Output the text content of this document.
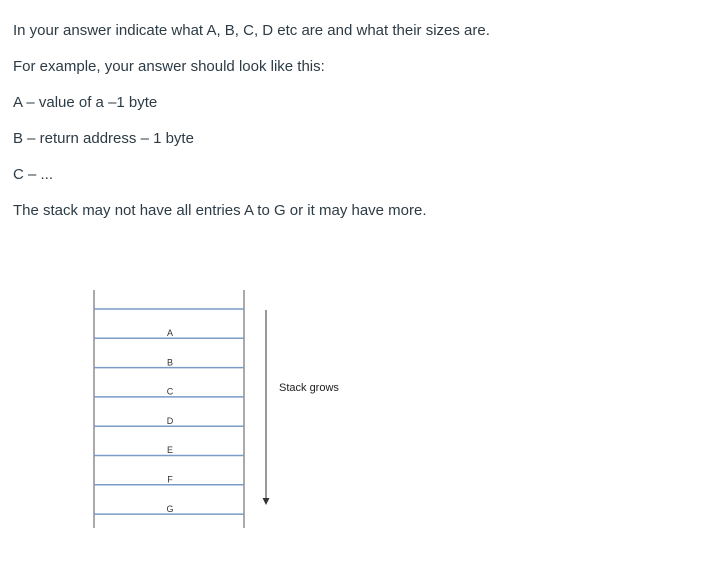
In your answer indicate what A, B, C, D etc are and what their sizes are.

For example, your answer should look like this:

A – value of a –1 byte

B – return address – 1 byte

C – ...

The stack may not have all entries A to G or it may have more.

A
B
C
D
E
F
G
Stack grows
